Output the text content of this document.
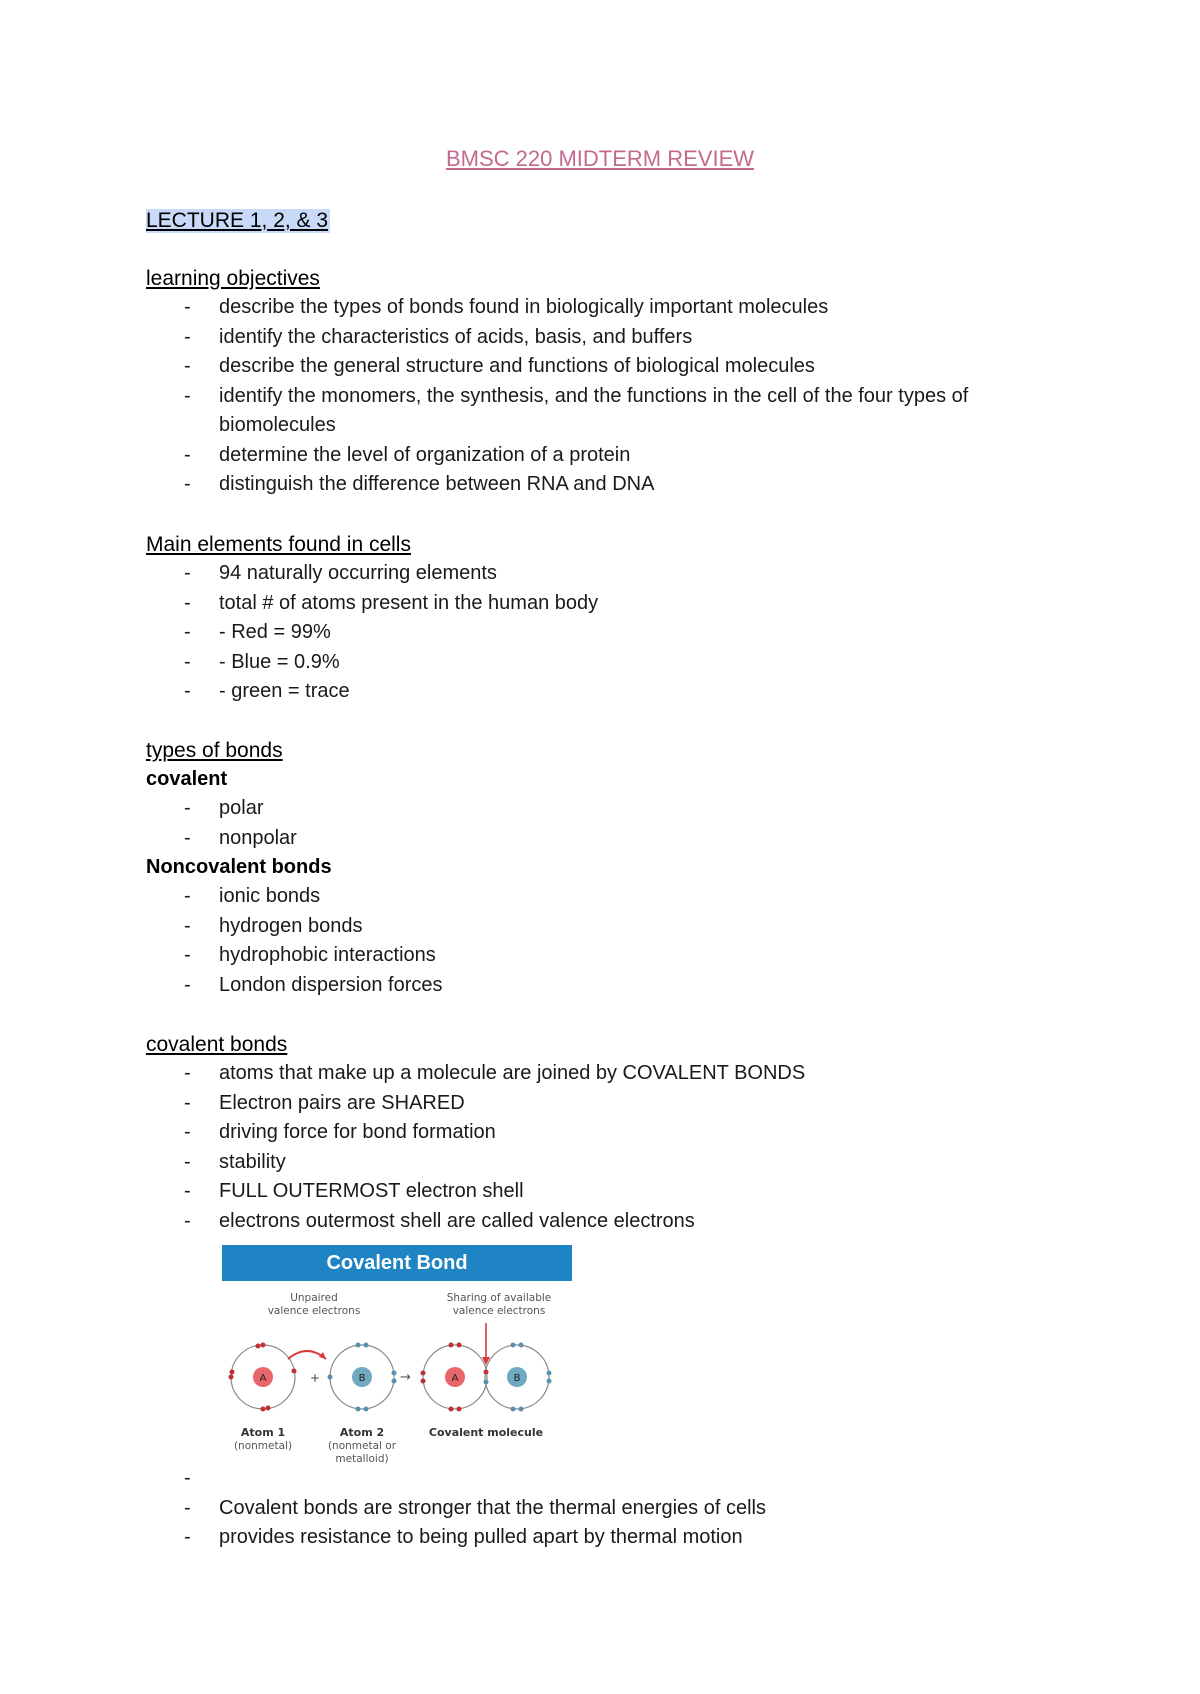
BMSC 220 MIDTERM REVIEW
LECTURE 1, 2, & 3
learning objectives
- describe the types of bonds found in biologically important molecules
- identify the characteristics of acids, basis, and buffers
- describe the general structure and functions of biological molecules
- identify the monomers, the synthesis, and the functions in the cell of the four types of biomolecules
- determine the level of organization of a protein
- distinguish the difference between RNA and DNA
Main elements found in cells
- 94 naturally occurring elements
- total # of atoms present in the human body
- - Red = 99%
- - Blue = 0.9%
- - green = trace
types of bonds
covalent
- polar
- nonpolar
Noncovalent bonds
- ionic bonds
- hydrogen bonds
- hydrophobic interactions
- London dispersion forces
covalent bonds
- atoms that make up a molecule are joined by COVALENT BONDS
- Electron pairs are SHARED
- driving force for bond formation
- stability
- FULL OUTERMOST electron shell
- electrons outermost shell are called valence electrons
Covalent Bond
Unpaired
valence electrons
Sharing of available
valence electrons
A	+	B	→	A	B
Atom 1
(nonmetal)
Atom 2
(nonmetal or
metalloid)
Covalent molecule
-
- Covalent bonds are stronger that the thermal energies of cells
- provides resistance to being pulled apart by thermal motion
